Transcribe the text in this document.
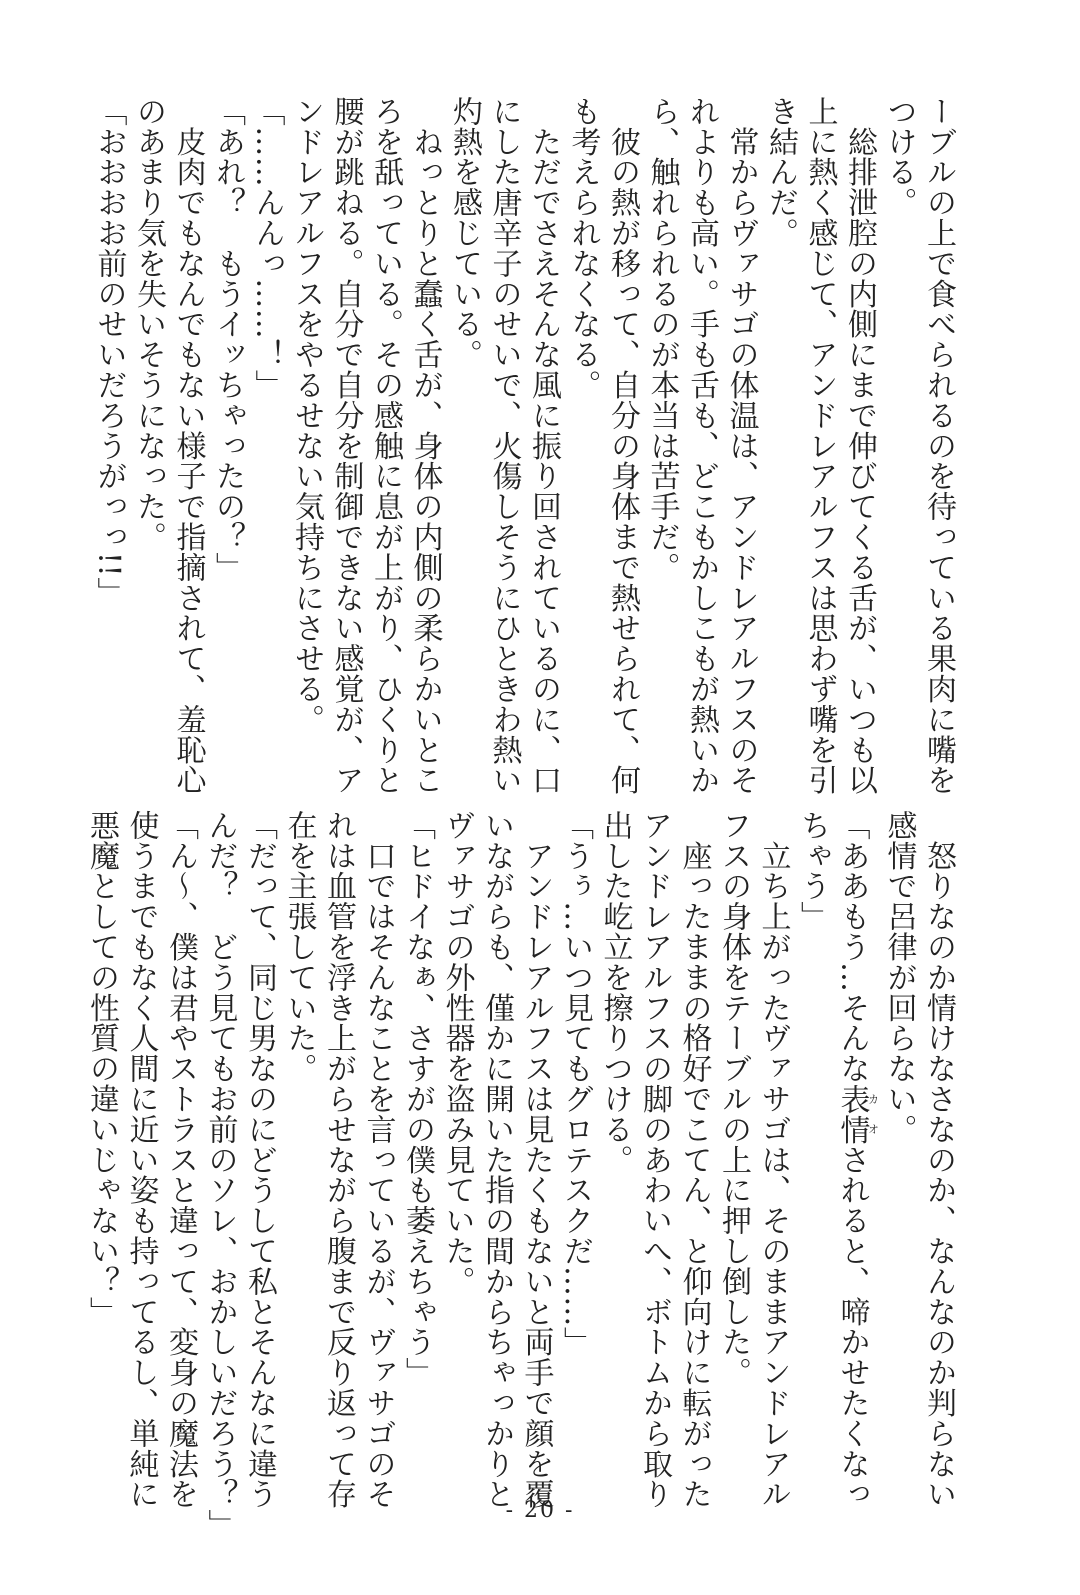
ーブルの上で食べられるのを待っている果肉に嘴を
つける。
　総排泄腔の内側にまで伸びてくる舌が、いつも以
上に熱く感じて、アンドレアルフスは思わず嘴を引
き結んだ。
　常からヴァサゴの体温は、アンドレアルフスのそ
れよりも高い。手も舌も、どこもかしこもが熱いか
ら、触れられるのが本当は苦手だ。
　彼の熱が移って、自分の身体まで熱せられて、何
も考えられなくなる。
　ただでさえそんな風に振り回されているのに、口
にした唐辛子のせいで、火傷しそうにひときわ熱い
灼熱を感じている。
　ねっとりと蠢く舌が、身体の内側の柔らかいとこ
ろを舐っている。その感触に息が上がり、ひくりと
腰が跳ねる。自分で自分を制御できない感覚が、ア
ンドレアルフスをやるせない気持ちにさせる。
「……んんっ……！」
「あれ？　もうイッちゃったの？」
　皮肉でもなんでもない様子で指摘されて、羞恥心
のあまり気を失いそうになった。
「おおおお前のせいだろうがっっ!!」
　怒りなのか情けなさなのか、なんなのか判らない
感情で呂律が回らない。
「ああもう…そんな表情カオされると、啼かせたくなっ
ちゃう」
　立ち上がったヴァサゴは、そのままアンドレアル
フスの身体をテーブルの上に押し倒した。
　座ったままの格好でこてん、と仰向けに転がった
アンドレアルフスの脚のあわいへ、ボトムから取り
出した屹立を擦りつける。
「うぅ…いつ見てもグロテスクだ……」
　アンドレアルフスは見たくもないと両手で顔を覆
いながらも、僅かに開いた指の間からちゃっかりと
ヴァサゴの外性器を盗み見ていた。
「ヒドイなぁ、さすがの僕も萎えちゃう」
　口ではそんなことを言っているが、ヴァサゴのそ
れは血管を浮き上がらせながら腹まで反り返って存
在を主張していた。
「だって、同じ男なのにどうして私とそんなに違う
んだ？　どう見てもお前のソレ、おかしいだろう？」
「ん～、僕は君やストラスと違って、変身の魔法を
使うまでもなく人間に近い姿も持ってるし、単純に
悪魔としての性質の違いじゃない？」
- 20 -
